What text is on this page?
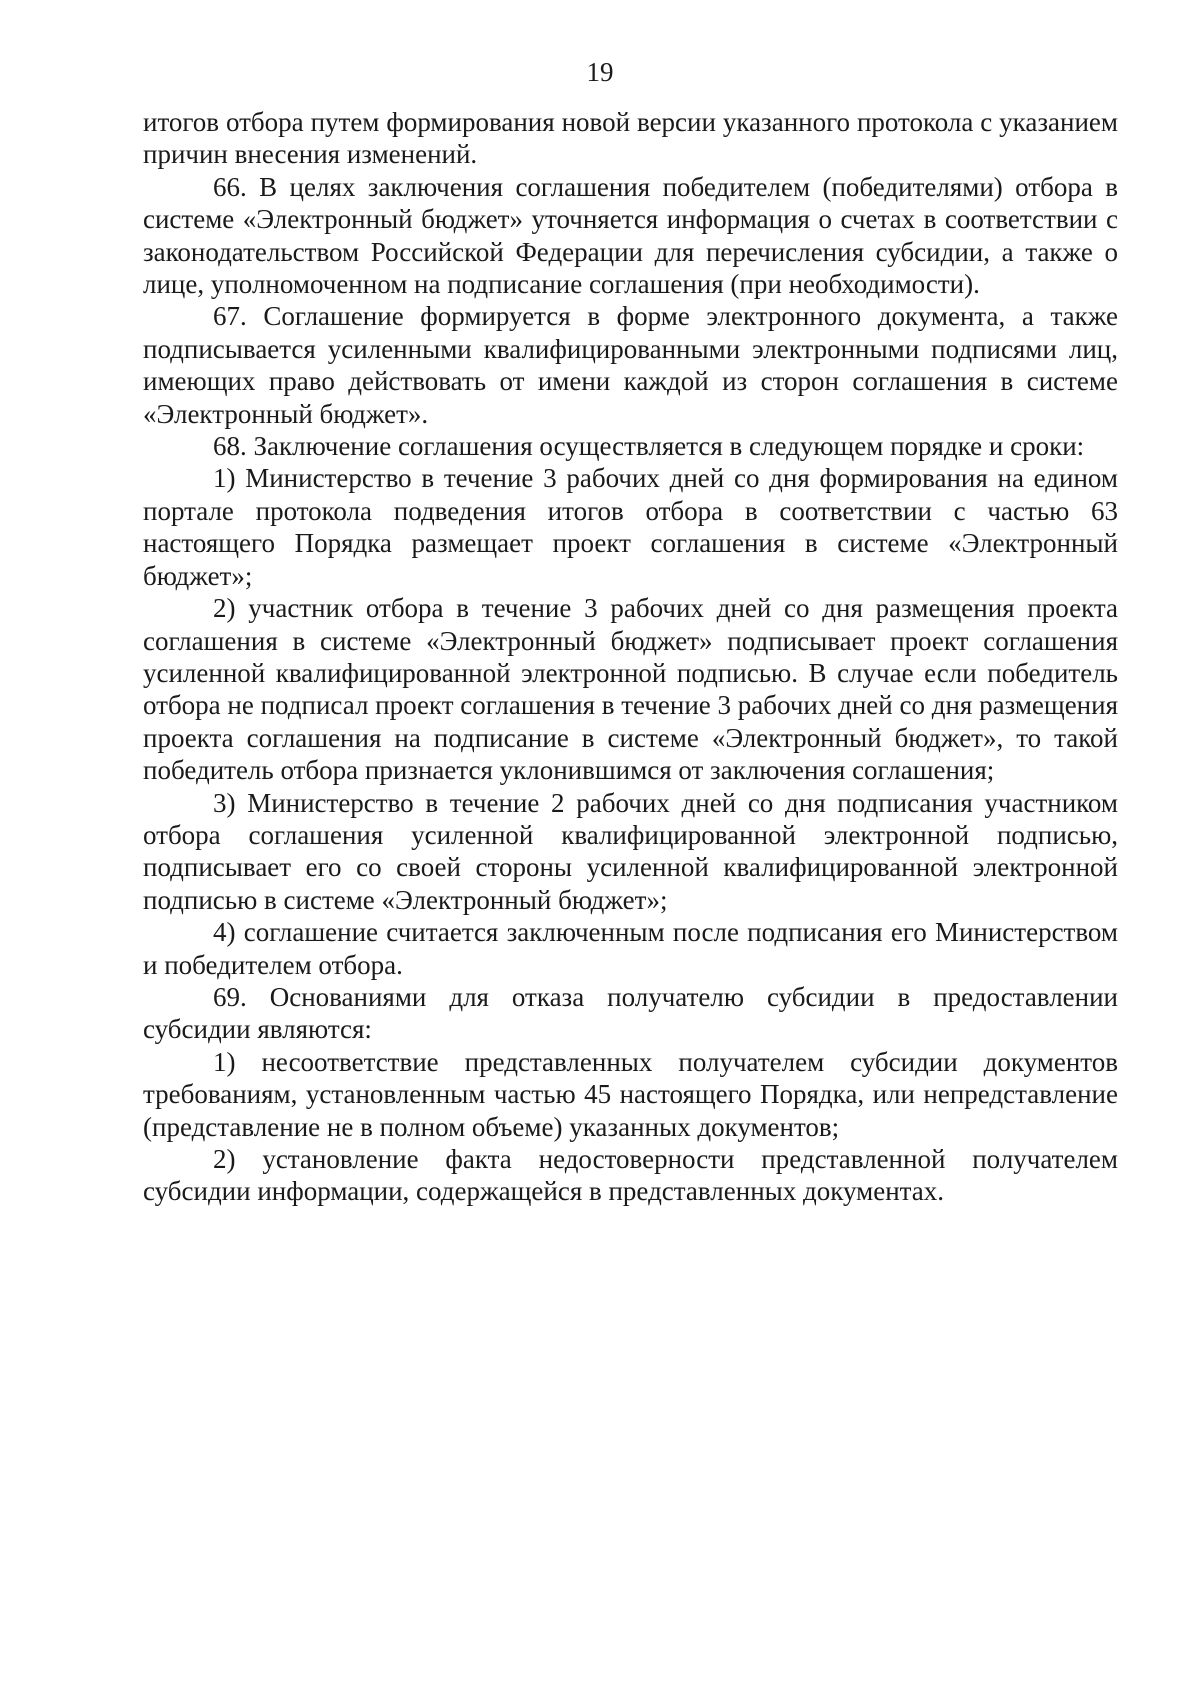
19

итогов отбора путем формирования новой версии указанного протокола с указанием причин внесения изменений.

66. В целях заключения соглашения победителем (победителями) отбора в системе «Электронный бюджет» уточняется информация о счетах в соответствии с законодательством Российской Федерации для перечисления субсидии, а также о лице, уполномоченном на подписание соглашения (при необходимости).

67. Соглашение формируется в форме электронного документа, а также подписывается усиленными квалифицированными электронными подписями лиц, имеющих право действовать от имени каждой из сторон соглашения в системе «Электронный бюджет».

68. Заключение соглашения осуществляется в следующем порядке и сроки:

1) Министерство в течение 3 рабочих дней со дня формирования на едином портале протокола подведения итогов отбора в соответствии с частью 63 настоящего Порядка размещает проект соглашения в системе «Электронный бюджет»;

2) участник отбора в течение 3 рабочих дней со дня размещения проекта соглашения в системе «Электронный бюджет» подписывает проект соглашения усиленной квалифицированной электронной подписью. В случае если победитель отбора не подписал проект соглашения в течение 3 рабочих дней со дня размещения проекта соглашения на подписание в системе «Электронный бюджет», то такой победитель отбора признается уклонившимся от заключения соглашения;

3) Министерство в течение 2 рабочих дней со дня подписания участником отбора соглашения усиленной квалифицированной электронной подписью, подписывает его со своей стороны усиленной квалифицированной электронной подписью в системе «Электронный бюджет»;

4) соглашение считается заключенным после подписания его Министерством и победителем отбора.

69. Основаниями для отказа получателю субсидии в предоставлении субсидии являются:

1) несоответствие представленных получателем субсидии документов требованиям, установленным частью 45 настоящего Порядка, или непредставление (представление не в полном объеме) указанных документов;

2) установление факта недостоверности представленной получателем субсидии информации, содержащейся в представленных документах.
